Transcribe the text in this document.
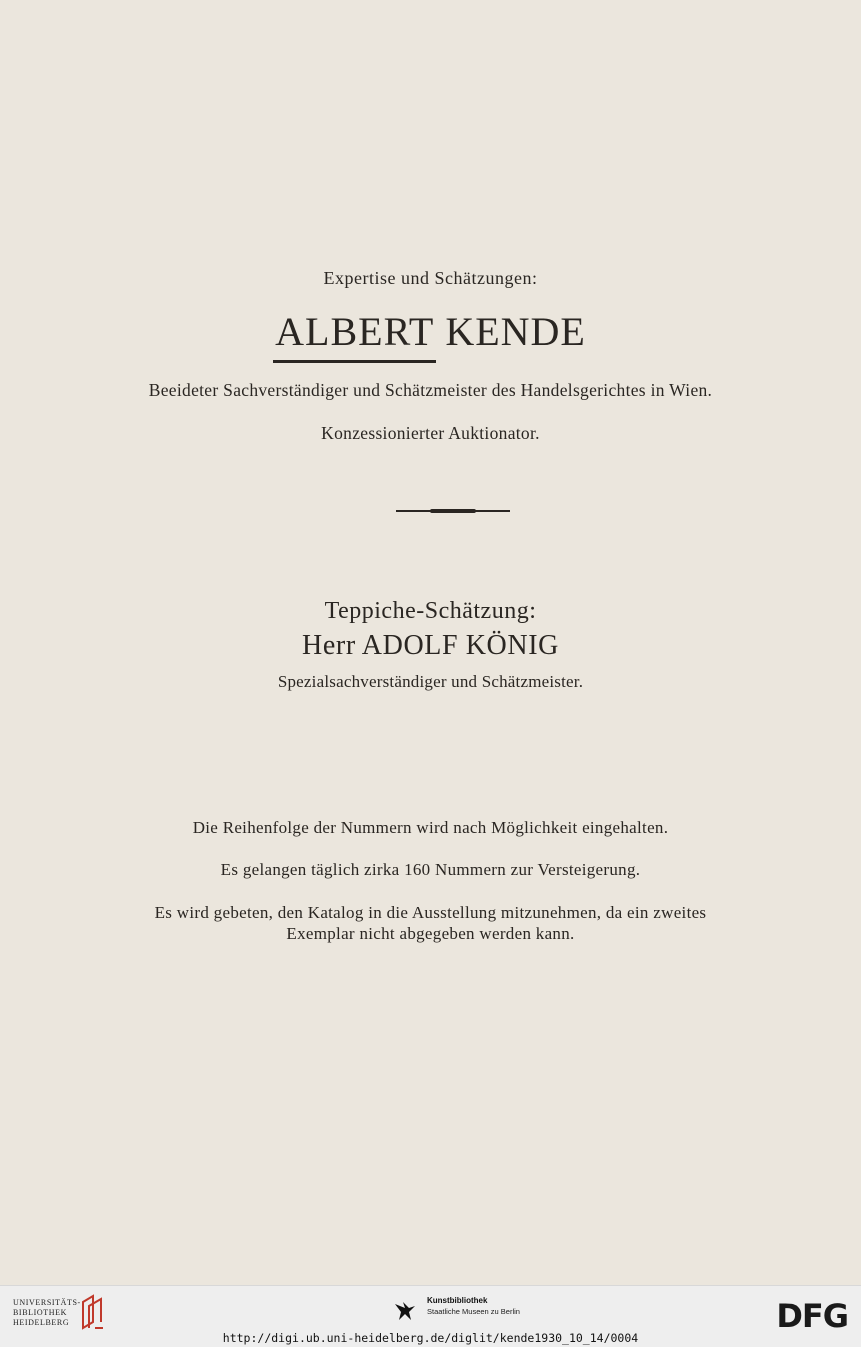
Expertise und Schätzungen:
ALBERT KENDE
Beeideter Sachverständiger und Schätzmeister des Handelsgerichtes in Wien.
Konzessionierter Auktionator.
Teppiche-Schätzung:
Herr ADOLF KÖNIG
Spezialsachverständiger und Schätzmeister.
Die Reihenfolge der Nummern wird nach Möglichkeit eingehalten.
Es gelangen täglich zirka 160 Nummern zur Versteigerung.
Es wird gebeten, den Katalog in die Ausstellung mitzunehmen, da ein zweites
Exemplar nicht abgegeben werden kann.
UNIVERSITÄTS-
BIBLIOTHEK
HEIDELBERG
Kunstbibliothek
Staatliche Museen zu Berlin	DFG
http://digi.ub.uni-heidelberg.de/diglit/kende1930_10_14/0004
